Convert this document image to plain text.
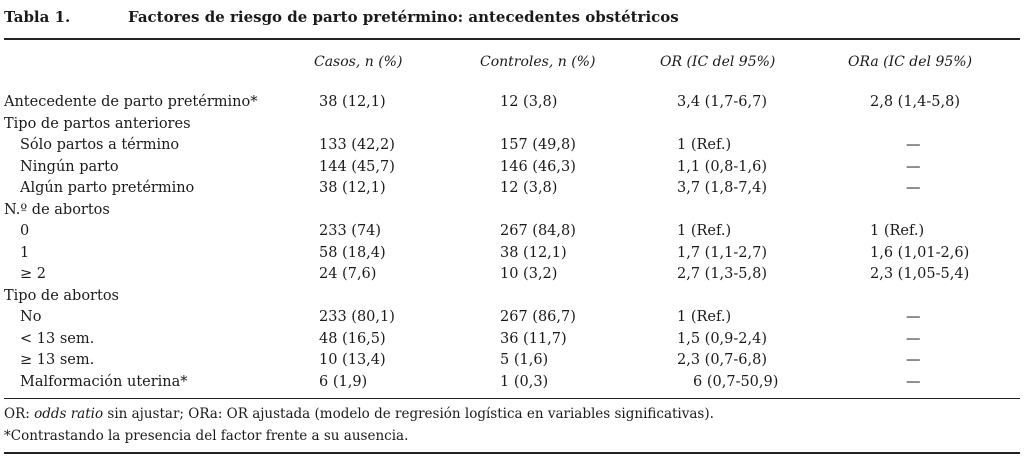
Tabla 1.	Factores de riesgo de parto pretérmino: antecedentes obstétricos
Casos, n (%)	Controles, n (%)	OR (IC del 95%)	ORa (IC del 95%)
Antecedente de parto pretérmino*	38 (12,1)	12 (3,8)	3,4 (1,7-6,7)	2,8 (1,4-5,8)
Tipo de partos anteriores
Sólo partos a término	133 (42,2)	157 (49,8)	1 (Ref.)	—
Ningún parto	144 (45,7)	146 (46,3)	1,1 (0,8-1,6)	—
Algún parto pretérmino	38 (12,1)	12 (3,8)	3,7 (1,8-7,4)	—
N.º de abortos
0	233 (74)	267 (84,8)	1 (Ref.)	1 (Ref.)
1	58 (18,4)	38 (12,1)	1,7 (1,1-2,7)	1,6 (1,01-2,6)
≥ 2	24 (7,6)	10 (3,2)	2,7 (1,3-5,8)	2,3 (1,05-5,4)
Tipo de abortos
No	233 (80,1)	267 (86,7)	1 (Ref.)	—
< 13 sem.	48 (16,5)	36 (11,7)	1,5 (0,9-2,4)	—
≥ 13 sem.	10 (13,4)	5 (1,6)	2,3 (0,7-6,8)	—
Malformación uterina*	6 (1,9)	1 (0,3)	6 (0,7-50,9)	—
OR: odds ratio sin ajustar; ORa: OR ajustada (modelo de regresión logística en variables significativas).
*Contrastando la presencia del factor frente a su ausencia.
